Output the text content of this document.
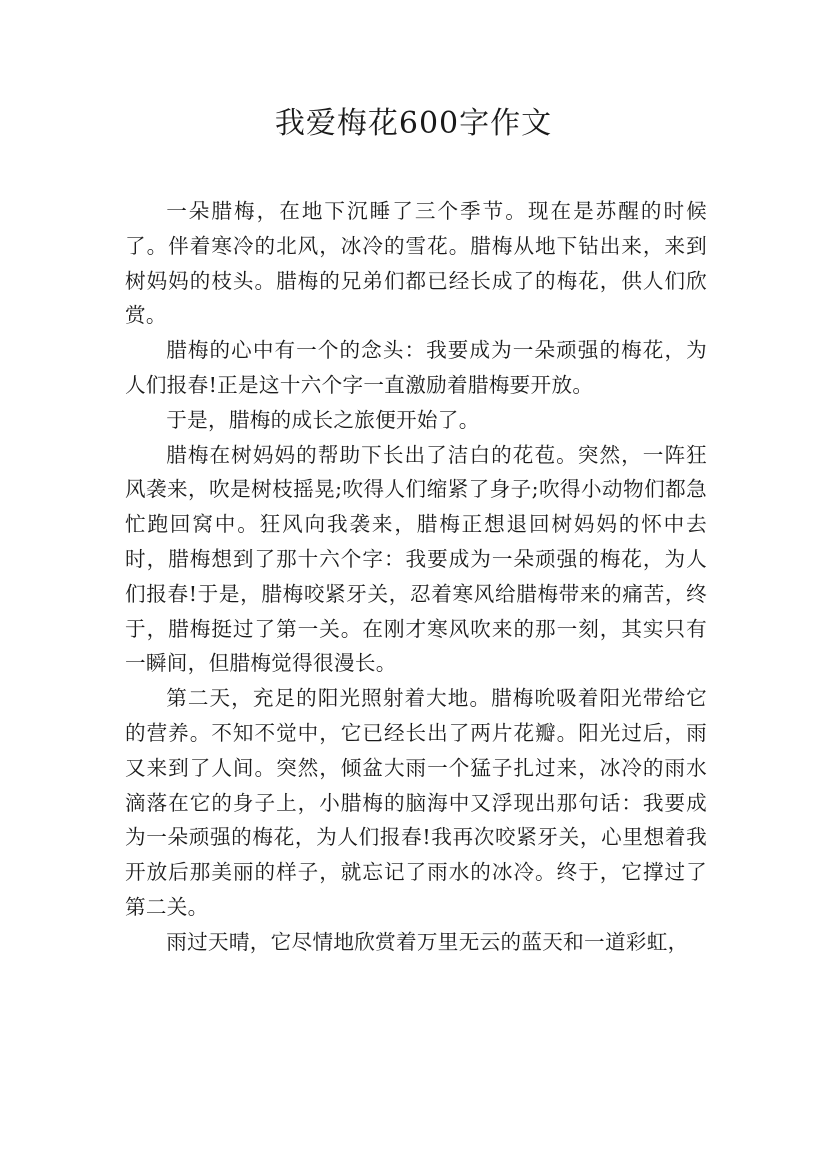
我爱梅花600字作文

一朵腊梅，在地下沉睡了三个季节。现在是苏醒的时候了。伴着寒冷的北风，冰冷的雪花。腊梅从地下钻出来，来到树妈妈的枝头。腊梅的兄弟们都已经长成了的梅花，供人们欣赏。

腊梅的心中有一个的念头：我要成为一朵顽强的梅花，为人们报春!正是这十六个字一直激励着腊梅要开放。

于是，腊梅的成长之旅便开始了。

腊梅在树妈妈的帮助下长出了洁白的花苞。突然，一阵狂风袭来，吹是树枝摇晃;吹得人们缩紧了身子;吹得小动物们都急忙跑回窝中。狂风向我袭来，腊梅正想退回树妈妈的怀中去时，腊梅想到了那十六个字：我要成为一朵顽强的梅花，为人们报春!于是，腊梅咬紧牙关，忍着寒风给腊梅带来的痛苦，终于，腊梅挺过了第一关。在刚才寒风吹来的那一刻，其实只有一瞬间，但腊梅觉得很漫长。

第二天，充足的阳光照射着大地。腊梅吮吸着阳光带给它的营养。不知不觉中，它已经长出了两片花瓣。阳光过后，雨又来到了人间。突然，倾盆大雨一个猛子扎过来，冰冷的雨水滴落在它的身子上，小腊梅的脑海中又浮现出那句话：我要成为一朵顽强的梅花，为人们报春!我再次咬紧牙关，心里想着我开放后那美丽的样子，就忘记了雨水的冰冷。终于，它撑过了第二关。

雨过天晴，它尽情地欣赏着万里无云的蓝天和一道彩虹，
